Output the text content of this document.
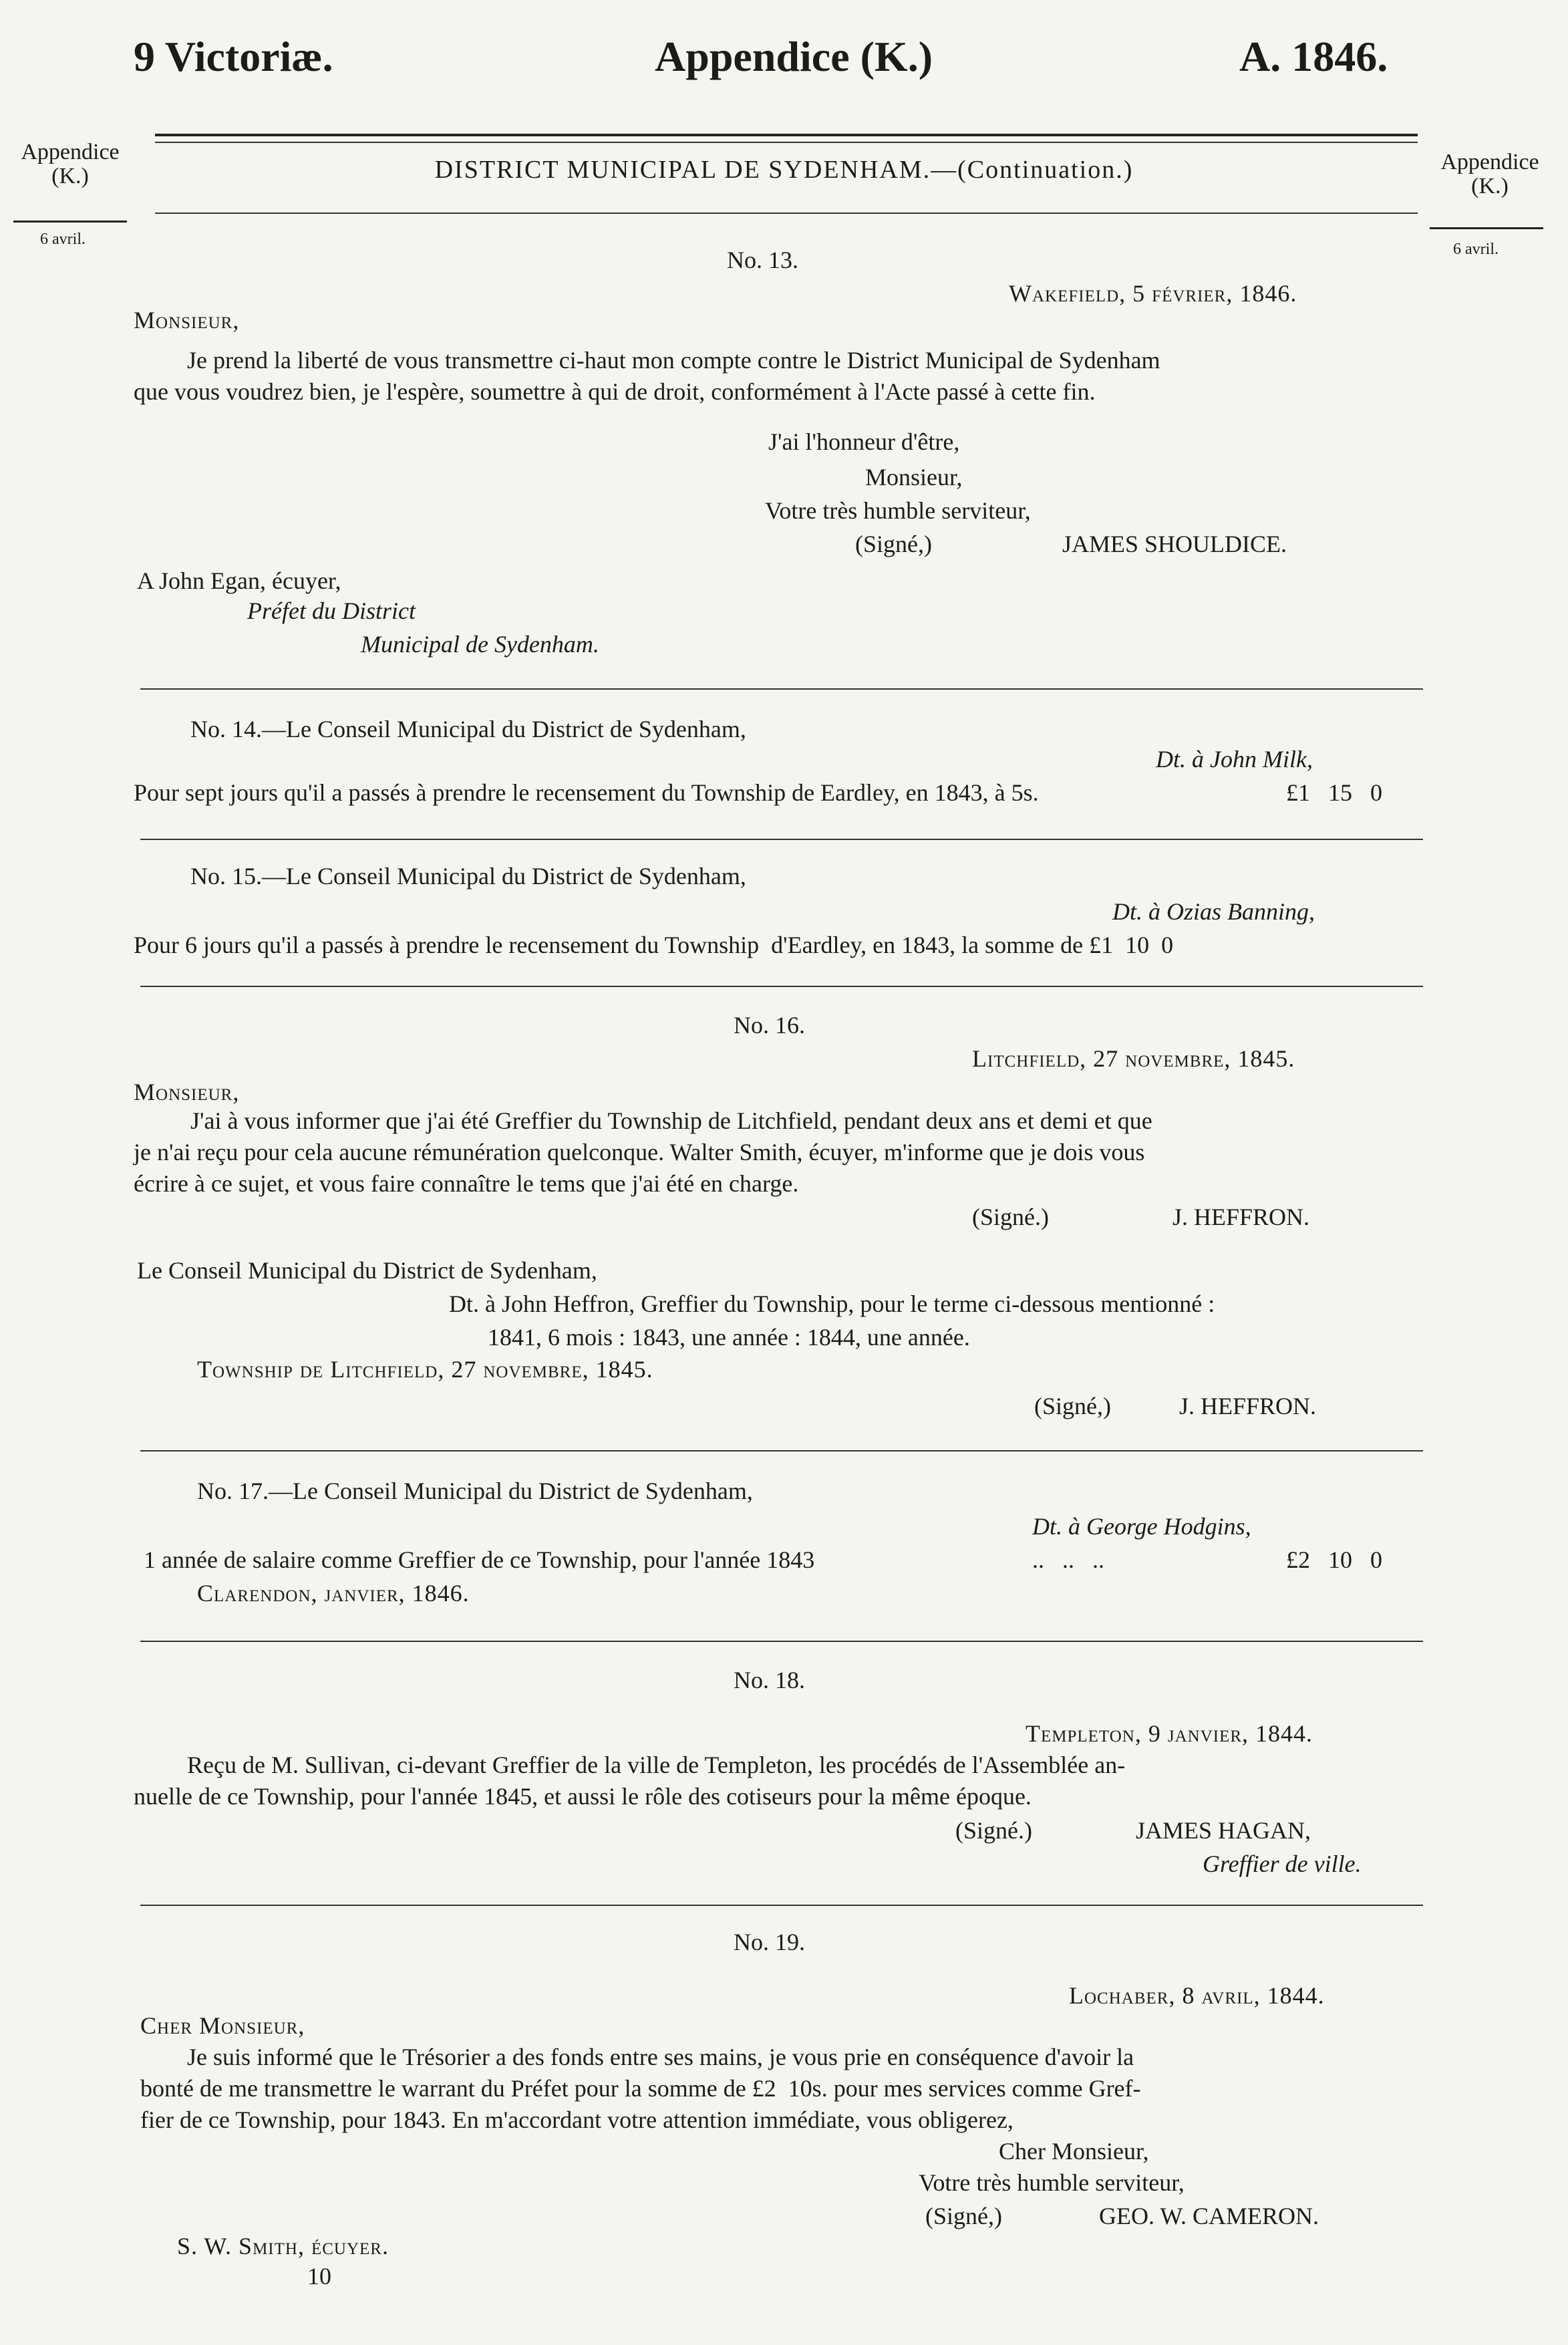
9 Victoriæ.	Appendice (K.)	A. 1846.
Appendice
(K.)
6 avril.
Appendice
(K.)
6 avril.
DISTRICT MUNICIPAL DE SYDENHAM.—(Continuation.)
No. 13.
Wakefield, 5 février, 1846.
Monsieur,
Je prend la liberté de vous transmettre ci-haut mon compte contre le District Municipal de Sydenham
que vous voudrez bien, je l'espère, soumettre à qui de droit, conformément à l'Acte passé à cette fin.
J'ai l'honneur d'être,
Monsieur,
Votre très humble serviteur,
(Signé,)	JAMES SHOULDICE.
A John Egan, écuyer,
Préfet du District
Municipal de Sydenham.
No. 14.—Le Conseil Municipal du District de Sydenham,
Dt. à John Milk,
Pour sept jours qu'il a passés à prendre le recensement du Township de Eardley, en 1843, à 5s.	£1   15   0
No. 15.—Le Conseil Municipal du District de Sydenham,
Dt. à Ozias Banning,
Pour 6 jours qu'il a passés à prendre le recensement du Township  d'Eardley, en 1843, la somme de £1  10  0
No. 16.
Litchfield, 27 novembre, 1845.
Monsieur,
J'ai à vous informer que j'ai été Greffier du Township de Litchfield, pendant deux ans et demi et que
je n'ai reçu pour cela aucune rémunération quelconque. Walter Smith, écuyer, m'informe que je dois vous
écrire à ce sujet, et vous faire connaître le tems que j'ai été en charge.
(Signé.)	J. HEFFRON.
Le Conseil Municipal du District de Sydenham,
Dt. à John Heffron, Greffier du Township, pour le terme ci-dessous mentionné :
1841, 6 mois : 1843, une année : 1844, une année.
Township de Litchfield, 27 novembre, 1845.
(Signé,)	J. HEFFRON.
No. 17.—Le Conseil Municipal du District de Sydenham,
Dt. à George Hodgins,
1 année de salaire comme Greffier de ce Township, pour l'année 1843	..   ..   ..	£2   10   0
Clarendon, janvier, 1846.
No. 18.
Templeton, 9 janvier, 1844.
Reçu de M. Sullivan, ci-devant Greffier de la ville de Templeton, les procédés de l'Assemblée an-
nuelle de ce Township, pour l'année 1845, et aussi le rôle des cotiseurs pour la même époque.
(Signé.)	JAMES HAGAN,
Greffier de ville.
No. 19.
Lochaber, 8 avril, 1844.
Cher Monsieur,
Je suis informé que le Trésorier a des fonds entre ses mains, je vous prie en conséquence d'avoir la
bonté de me transmettre le warrant du Préfet pour la somme de £2  10s. pour mes services comme Gref-
fier de ce Township, pour 1843. En m'accordant votre attention immédiate, vous obligerez,
Cher Monsieur,
Votre très humble serviteur,
(Signé,)	GEO. W. CAMERON.
S. W. Smith, écuyer.
10
